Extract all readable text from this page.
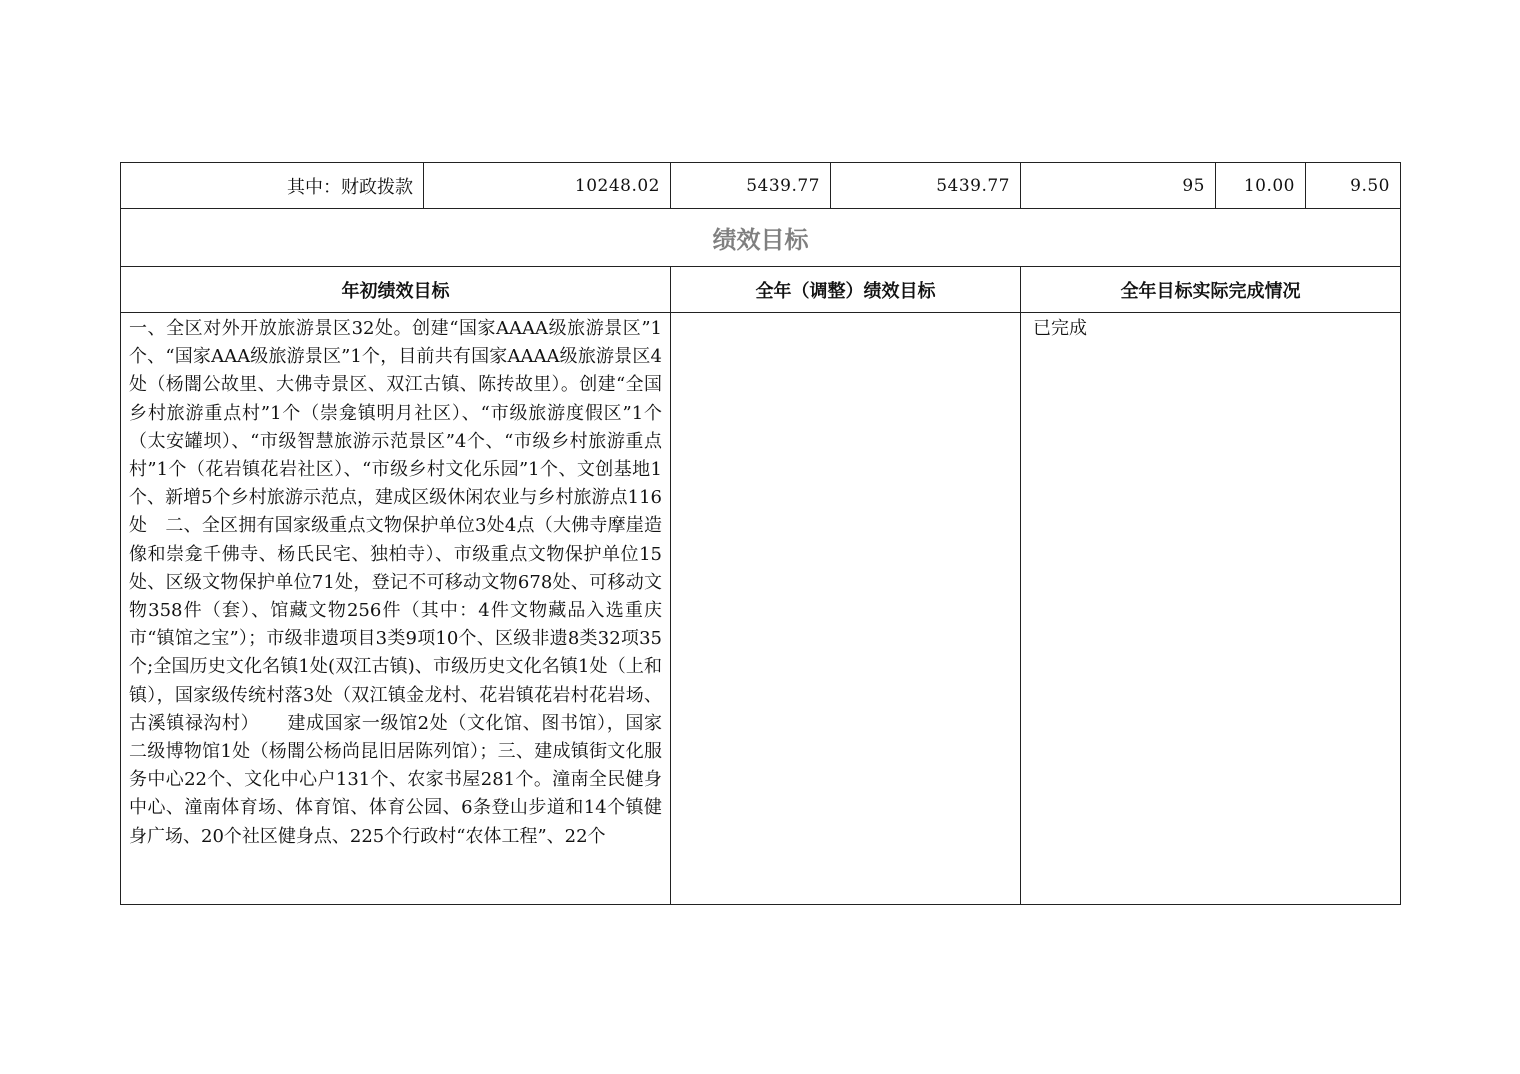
其中：财政拨款	10248.02	5439.77	5439.77	95	10.00	9.50
绩效目标						
年初绩效目标		全年（调整）绩效目标		全年目标实际完成情况		
一、全区对外开放旅游景区32处。创建“国家AAAA级旅游景区”1个、“国家AAA级旅游景区”1个，目前共有国家AAAA级旅游景区4处（杨闇公故里、大佛寺景区、双江古镇、陈抟故里）。创建“全国乡村旅游重点村”1个（崇龛镇明月社区）、“市级旅游度假区”1个（太安罐坝）、“市级智慧旅游示范景区”4个、“市级乡村旅游重点村”1个（花岩镇花岩社区）、“市级乡村文化乐园”1个、文创基地1个、新增5个乡村旅游示范点，建成区级休闲农业与乡村旅游点116处　二、全区拥有国家级重点文物保护单位3处4点（大佛寺摩崖造像和崇龛千佛寺、杨氏民宅、独柏寺）、市级重点文物保护单位15处、区级文物保护单位71处，登记不可移动文物678处、可移动文物358件（套）、馆藏文物256件（其中：4件文物藏品入选重庆市“镇馆之宝”）；市级非遗项目3类9项10个、区级非遗8类32项35个;全国历史文化名镇1处(双江古镇)、市级历史文化名镇1处（上和镇），国家级传统村落3处（双江镇金龙村、花岩镇花岩村花岩场、古溪镇禄沟村）　　建成国家一级馆2处（文化馆、图书馆），国家二级博物馆1处（杨闇公杨尚昆旧居陈列馆）；三、建成镇街文化服务中心22个、文化中心户131个、农家书屋281个。潼南全民健身中心、潼南体育场、体育馆、体育公园、6条登山步道和14个镇健身广场、20个社区健身点、225个行政村“农体工程”、22个				已完成		
